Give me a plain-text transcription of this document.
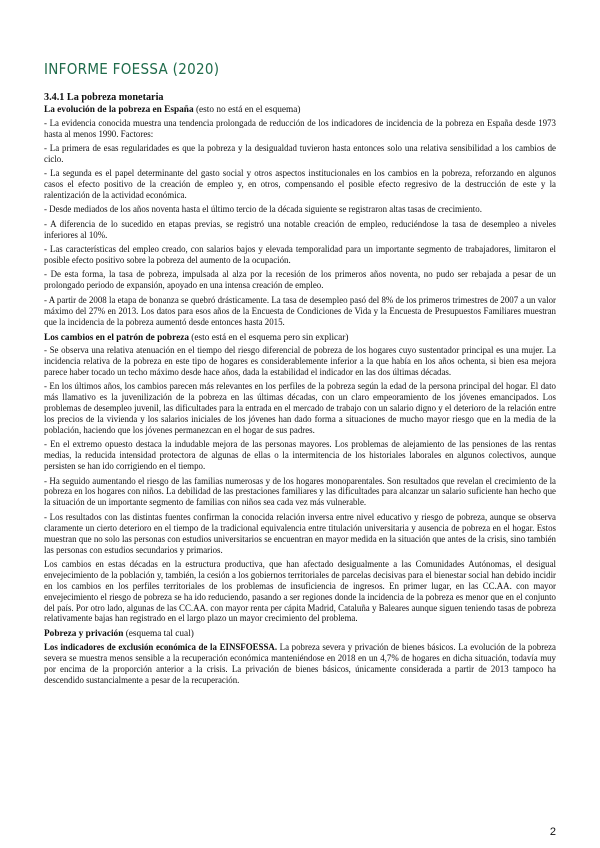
INFORME FOESSA (2020)
3.4.1 La pobreza monetaria
La evolución de la pobreza en España (esto no está en el esquema)

- La evidencia conocida muestra una tendencia prolongada de reducción de los indicadores de incidencia de la pobreza en España desde 1973 hasta al menos 1990. Factores:

- La primera de esas regularidades es que la pobreza y la desigualdad tuvieron hasta entonces solo una relativa sensibilidad a los cambios de ciclo.

- La segunda es el papel determinante del gasto social y otros aspectos institucionales en los cambios en la pobreza, reforzando en algunos casos el efecto positivo de la creación de empleo y, en otros, compensando el posible efecto regresivo de la destrucción de este y la ralentización de la actividad económica.

- Desde mediados de los años noventa hasta el último tercio de la década siguiente se registraron altas tasas de crecimiento.

- A diferencia de lo sucedido en etapas previas, se registró una notable creación de empleo, reduciéndose la tasa de desempleo a niveles inferiores al 10%.

- Las características del empleo creado, con salarios bajos y elevada temporalidad para un importante segmento de trabajadores, limitaron el posible efecto positivo sobre la pobreza del aumento de la ocupación.

- De esta forma, la tasa de pobreza, impulsada al alza por la recesión de los primeros años noventa, no pudo ser rebajada a pesar de un prolongado periodo de expansión, apoyado en una intensa creación de empleo.

- A partir de 2008 la etapa de bonanza se quebró drásticamente. La tasa de desempleo pasó del 8% de los primeros trimestres de 2007 a un valor máximo del 27% en 2013. Los datos para esos años de la Encuesta de Condiciones de Vida y la Encuesta de Presupuestos Familiares muestran que la incidencia de la pobreza aumentó desde entonces hasta 2015.

Los cambios en el patrón de pobreza (esto está en el esquema pero sin explicar)

- Se observa una relativa atenuación en el tiempo del riesgo diferencial de pobreza de los hogares cuyo sustentador principal es una mujer. La incidencia relativa de la pobreza en este tipo de hogares es considerablemente inferior a la que había en los años ochenta, si bien esa mejora parece haber tocado un techo máximo desde hace años, dada la estabilidad el indicador en las dos últimas décadas.

- En los últimos años, los cambios parecen más relevantes en los perfiles de la pobreza según la edad de la persona principal del hogar. El dato más llamativo es la juvenilización de la pobreza en las últimas décadas, con un claro empeoramiento de los jóvenes emancipados. Los problemas de desempleo juvenil, las dificultades para la entrada en el mercado de trabajo con un salario digno y el deterioro de la relación entre los precios de la vivienda y los salarios iniciales de los jóvenes han dado forma a situaciones de mucho mayor riesgo que en la media de la población, haciendo que los jóvenes permanezcan en el hogar de sus padres.

- En el extremo opuesto destaca la indudable mejora de las personas mayores. Los problemas de alejamiento de las pensiones de las rentas medias, la reducida intensidad protectora de algunas de ellas o la intermitencia de los historiales laborales en algunos colectivos, aunque persisten se han ido corrigiendo en el tiempo.

- Ha seguido aumentando el riesgo de las familias numerosas y de los hogares monoparentales. Son resultados que revelan el crecimiento de la pobreza en los hogares con niños. La debilidad de las prestaciones familiares y las dificultades para alcanzar un salario suficiente han hecho que la situación de un importante segmento de familias con niños sea cada vez más vulnerable.

- Los resultados con las distintas fuentes confirman la conocida relación inversa entre nivel educativo y riesgo de pobreza, aunque se observa claramente un cierto deterioro en el tiempo de la tradicional equivalencia entre titulación universitaria y ausencia de pobreza en el hogar. Estos muestran que no solo las personas con estudios universitarios se encuentran en mayor medida en la situación que antes de la crisis, sino también las personas con estudios secundarios y primarios.

Los cambios en estas décadas en la estructura productiva, que han afectado desigualmente a las Comunidades Autónomas, el desigual envejecimiento de la población y, también, la cesión a los gobiernos territoriales de parcelas decisivas para el bienestar social han debido incidir en los cambios en los perfiles territoriales de los problemas de insuficiencia de ingresos. En primer lugar, en las CC.AA. con mayor envejecimiento el riesgo de pobreza se ha ido reduciendo, pasando a ser regiones donde la incidencia de la pobreza es menor que en el conjunto del país. Por otro lado, algunas de las CC.AA. con mayor renta per cápita Madrid, Cataluña y Baleares aunque siguen teniendo tasas de pobreza relativamente bajas han registrado en el largo plazo un mayor crecimiento del problema.

Pobreza y privación (esquema tal cual)

Los indicadores de exclusión económica de la EINSFOESSA. La pobreza severa y privación de bienes básicos. La evolución de la pobreza severa se muestra menos sensible a la recuperación económica manteniéndose en 2018 en un 4,7% de hogares en dicha situación, todavía muy por encima de la proporción anterior a la crisis. La privación de bienes básicos, únicamente considerada a partir de 2013 tampoco ha descendido sustancialmente a pesar de la recuperación.

2
